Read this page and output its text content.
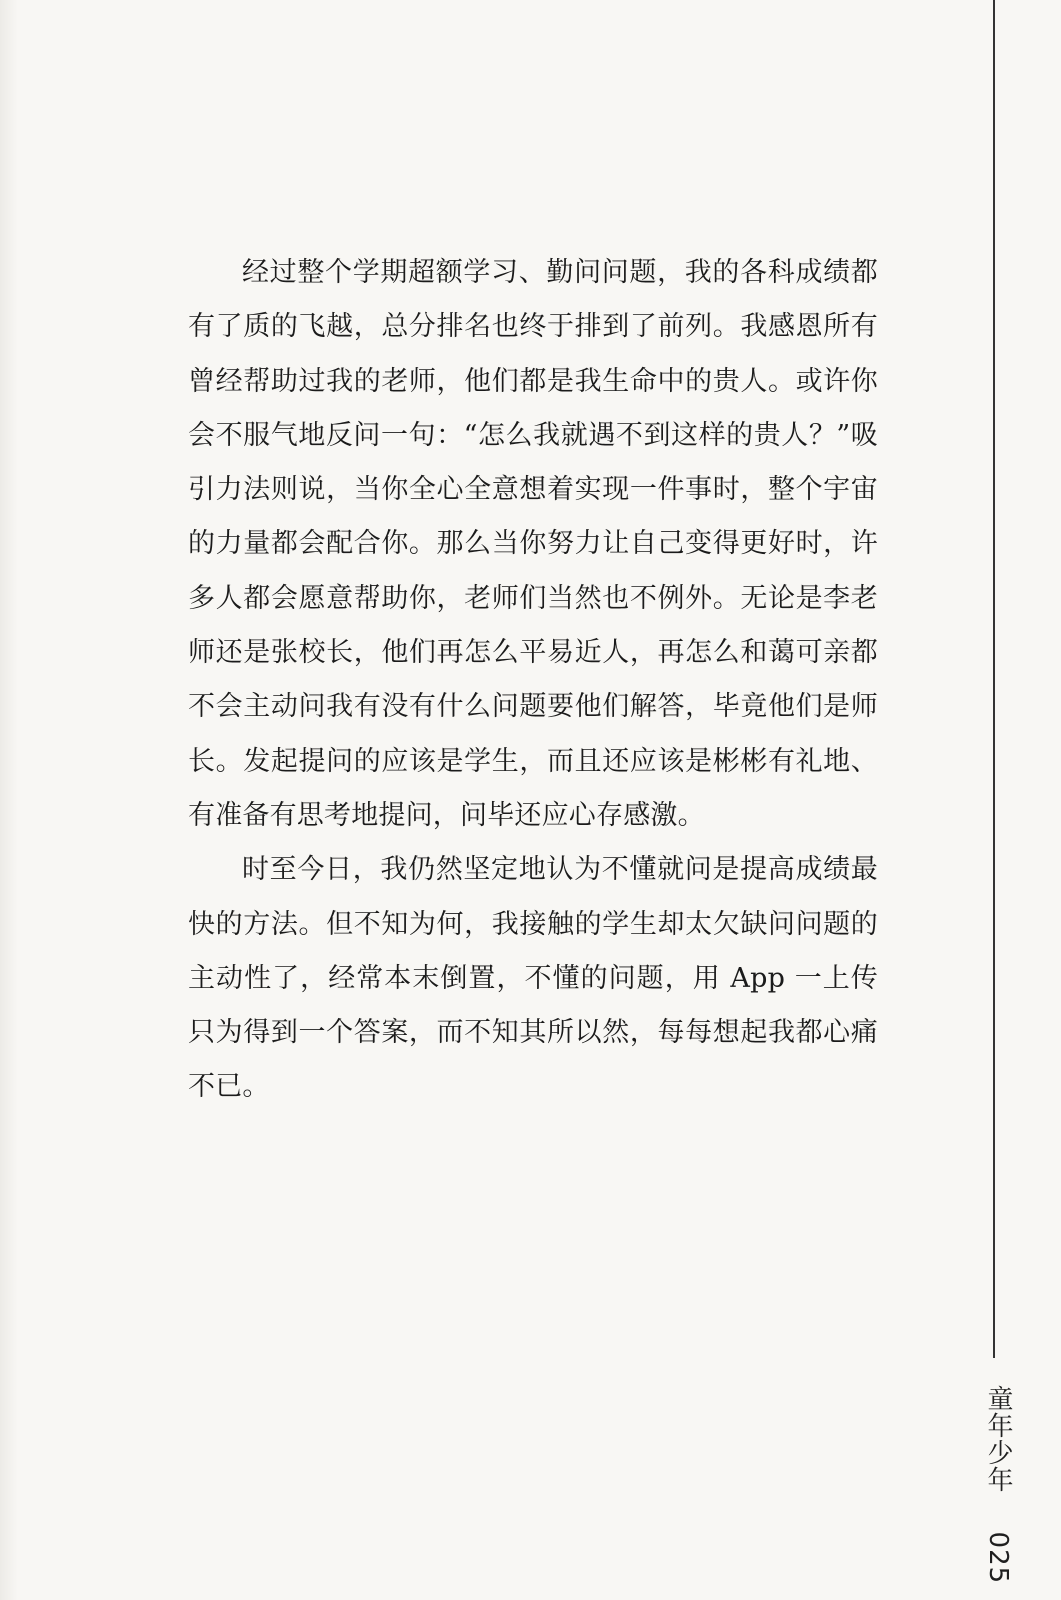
经过整个学期超额学习、勤问问题，我的各科成绩都有了质的飞越，总分排名也终于排到了前列。我感恩所有曾经帮助过我的老师，他们都是我生命中的贵人。或许你会不服气地反问一句：“怎么我就遇不到这样的贵人？”吸引力法则说，当你全心全意想着实现一件事时，整个宇宙的力量都会配合你。那么当你努力让自己变得更好时，许多人都会愿意帮助你，老师们当然也不例外。无论是李老师还是张校长，他们再怎么平易近人，再怎么和蔼可亲都不会主动问我有没有什么问题要他们解答，毕竟他们是师长。发起提问的应该是学生，而且还应该是彬彬有礼地、有准备有思考地提问，问毕还应心存感激。

时至今日，我仍然坚定地认为不懂就问是提高成绩最快的方法。但不知为何，我接触的学生却太欠缺问问题的主动性了，经常本末倒置，不懂的问题，用 App 一上传只为得到一个答案，而不知其所以然，每每想起我都心痛不已。

童年少年  025
